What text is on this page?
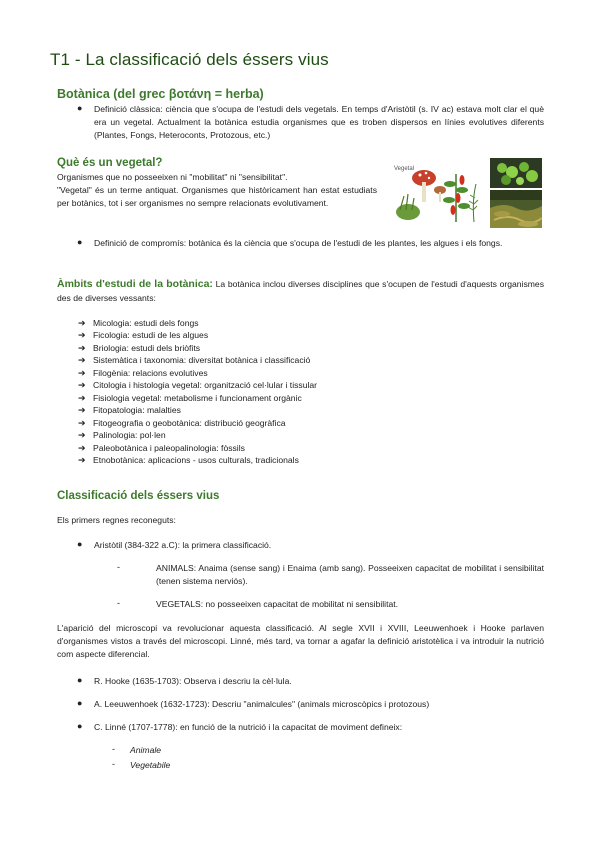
T1 - La classificació dels éssers vius
Botànica (del grec βοτάνη = herba)
● Definició clàssica: ciència que s'ocupa de l'estudi dels vegetals. En temps d'Aristòtil (s. IV ac) estava molt clar el què era un vegetal. Actualment la botànica estudia organismes que es troben dispersos en línies evolutives diferents (Plantes, Fongs, Heteroconts, Protozous, etc.)
Què és un vegetal?
Organismes que no posseeixen ni "mobilitat" ni "sensibilitat".
"Vegetal" és un terme antiquat. Organismes que històricament han estat estudiats per botànics, tot i ser organismes no sempre relacionats evolutivament.
Vegetal
● Definició de compromís: botànica és la ciència que s'ocupa de l'estudi de les plantes, les algues i els fongs.
Àmbits d'estudi de la botànica: La botànica inclou diverses disciplines que s'ocupen de l'estudi d'aquests organismes des de diverses vessants:
➔ Micologia: estudi dels fongs
➔ Ficologia: estudi de les algues
➔ Briologia: estudi dels briòfits
➔ Sistemàtica i taxonomia: diversitat botànica i classificació
➔ Filogènia: relacions evolutives
➔ Citologia i histologia vegetal: organització cel·lular i tissular
➔ Fisiologia vegetal: metabolisme i funcionament orgànic
➔ Fitopatologia: malalties
➔ Fitogeografia o geobotànica: distribució geogràfica
➔ Palinologia: pol·len
➔ Paleobotànica i paleopalinologia: fòssils
➔ Etnobotànica: aplicacions - usos culturals, tradicionals
Classificació dels éssers vius
Els primers regnes reconeguts:
● Aristòtil (384-322 a.C): la primera classificació.
-	ANIMALS: Anaima (sense sang) i Enaima (amb sang). Posseeixen capacitat de mobilitat i sensibilitat (tenen sistema nerviós).
-	VEGETALS: no posseeixen capacitat de mobilitat ni sensibilitat.
L'aparició del microscopi va revolucionar aquesta classificació. Al segle XVII i XVIII, Leeuwenhoek i Hooke parlaven d'organismes vistos a través del microscopi. Linné, més tard, va tornar a agafar la definició aristotèlica i va introduir la nutrició com aspecte diferencial.
● R. Hooke (1635-1703): Observa i descriu la cèl·lula.
● A. Leeuwenhoek (1632-1723): Descriu "animalcules" (animals microscòpics i protozous)
● C. Linné (1707-1778): en funció de la nutrició i la capacitat de moviment defineix:
- Animale
- Vegetabile
